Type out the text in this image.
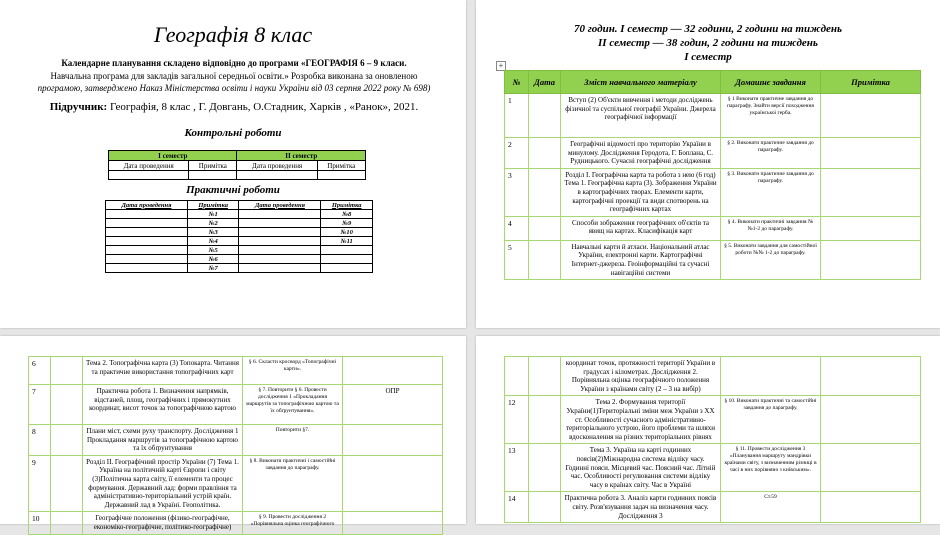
Географія 8 клас
Календарне планування складено відповідно до програми «ГЕОГРАФІЯ 6 – 9 класи.
Навчальна програма для закладів загальної середньої освіти.» Розробка виконана за оновленою
програмою, затверджено Наказ Міністерства освіти і науки України від 03 серпня 2022 року № 698)
Підручник: Географія, 8 клас , Г. Довгань, О.Стадник, Харків , «Ранок», 2021.
Контрольні роботи
І семестр		ІІ семестр	
Дата проведення	Примітка	Дата проведення	Примітка

Практичні роботи
Дата проведення	Примітка	Дата проведення	Примітка
	№1		№8
	№2		№9
	№3		№10
	№4		№11
	№5		
	№6		
	№7		
70 годин. І семестр — 32 години, 2 години на тиждень
ІІ семестр — 38 годин, 2 години на тиждень
І семестр
+
№	Дата	Зміст навчального матеріалу	Домашнє завдання	Примітка
1		Вступ (2) Об'єкти вивчення і методи досліджень фізичної та суспільної географії України. Джерела географічної інформації	§ 1 Виконати практичне завдання до параграфу. Знайти версії походження української герба.	
2		Географічні відомості про територію України в минулому. Дослідження Геродота, Г. Боплана, С. Рудницького. Сучасні географічні дослідження	§ 2. Виконати практичне завдання до параграфу.	
3		Розділ І. Географічна карта та робота з нею (6 год) Тема 1. Географічна карта (3). Зображення України в картографічних творах. Елементи карти, картографічні проекції та види спотворень на географічних картах	§ 3. Виконати практичне завдання до параграфу.	
4		Способи зображення географічних об'єктів та явищ на картах. Класифікація карт	§ 4. Виконати практичні завдання №№1-2 до параграфу.	
5		Навчальні карти й атласи. Національний атлас України, електронні карти. Картографічні Інтернет-джерела. Геоінформаційні та сучасні навігаційні системи	§ 5. Виконати завдання для самостійної роботи №№ 1-2 до параграфу.	
6		Тема 2. Топографічна карта (3) Топокарта. Читання та практичне використання топографічних карт	§ 6. Скласти кросворд «Топографічні карти».	
7		Практична робота 1. Визначення напрямків, відстаней, площ, географічних і прямокутних координат, висот точок за топографічною картою	§ 7. Повторити § 6. Провести дослідження 1 «Прокладання маршрутів за топографічною картою та їх обґрунтування».	ОПР
8		Плани міст, схеми руху транспорту. Дослідження 1 Прокладання маршрутів за топографічною картою та їх обґрунтування	Повторити §7.	
9		Розділ ІІ. Географічний простір України (7) Тема 1. Україна на політичній карті Європи і світу (3)Політична карта світу, її елементи та процес формування. Державний лад: форми правління та адміністративно-територіальний устрій країн. Державний лад в Україні. Геополітика.	§ 8. Виконати практичні і самостійні завдання до параграфу.	
10		Географічне положення (фізико-географічне, економіко-географічне, політико-географічне)	§ 9. Провести дослідження 2 «Порівняльна оцінка географічного	
		координат точок, протяжності території України в градусах і кілометрах. Дослідження 2. Порівняльна оцінка географічного положення України з країнами світу (2 – 3 на вибір)		
12		Тема 2. Формування території України(1)Територіальні зміни меж України з XX ст. Особливості сучасного адміністративно-територіального устрою, його проблеми та шляхи вдосконалення на різних територіальних рівнях	§ 10. Виконати практичні та самостійні завдання до параграфу.	
13		Тема 3. Україна на карті годинних поясів(2)Міжнародна система відліку часу. Годинні пояси. Місцевий час. Поясний час. Літній час. Особливості регулювання системи відліку часу в країнах світу. Час в Україні	§ 11. Провести дослідження 3 «Планування маршруту мандрівки країнами світу, з визначенням різниці в часі в них порівняно з київським».	
14		Практична робота 3. Аналіз карти годинних поясів світу. Розв'язування задач на визначення часу. Дослідження 3	Ст.59	
